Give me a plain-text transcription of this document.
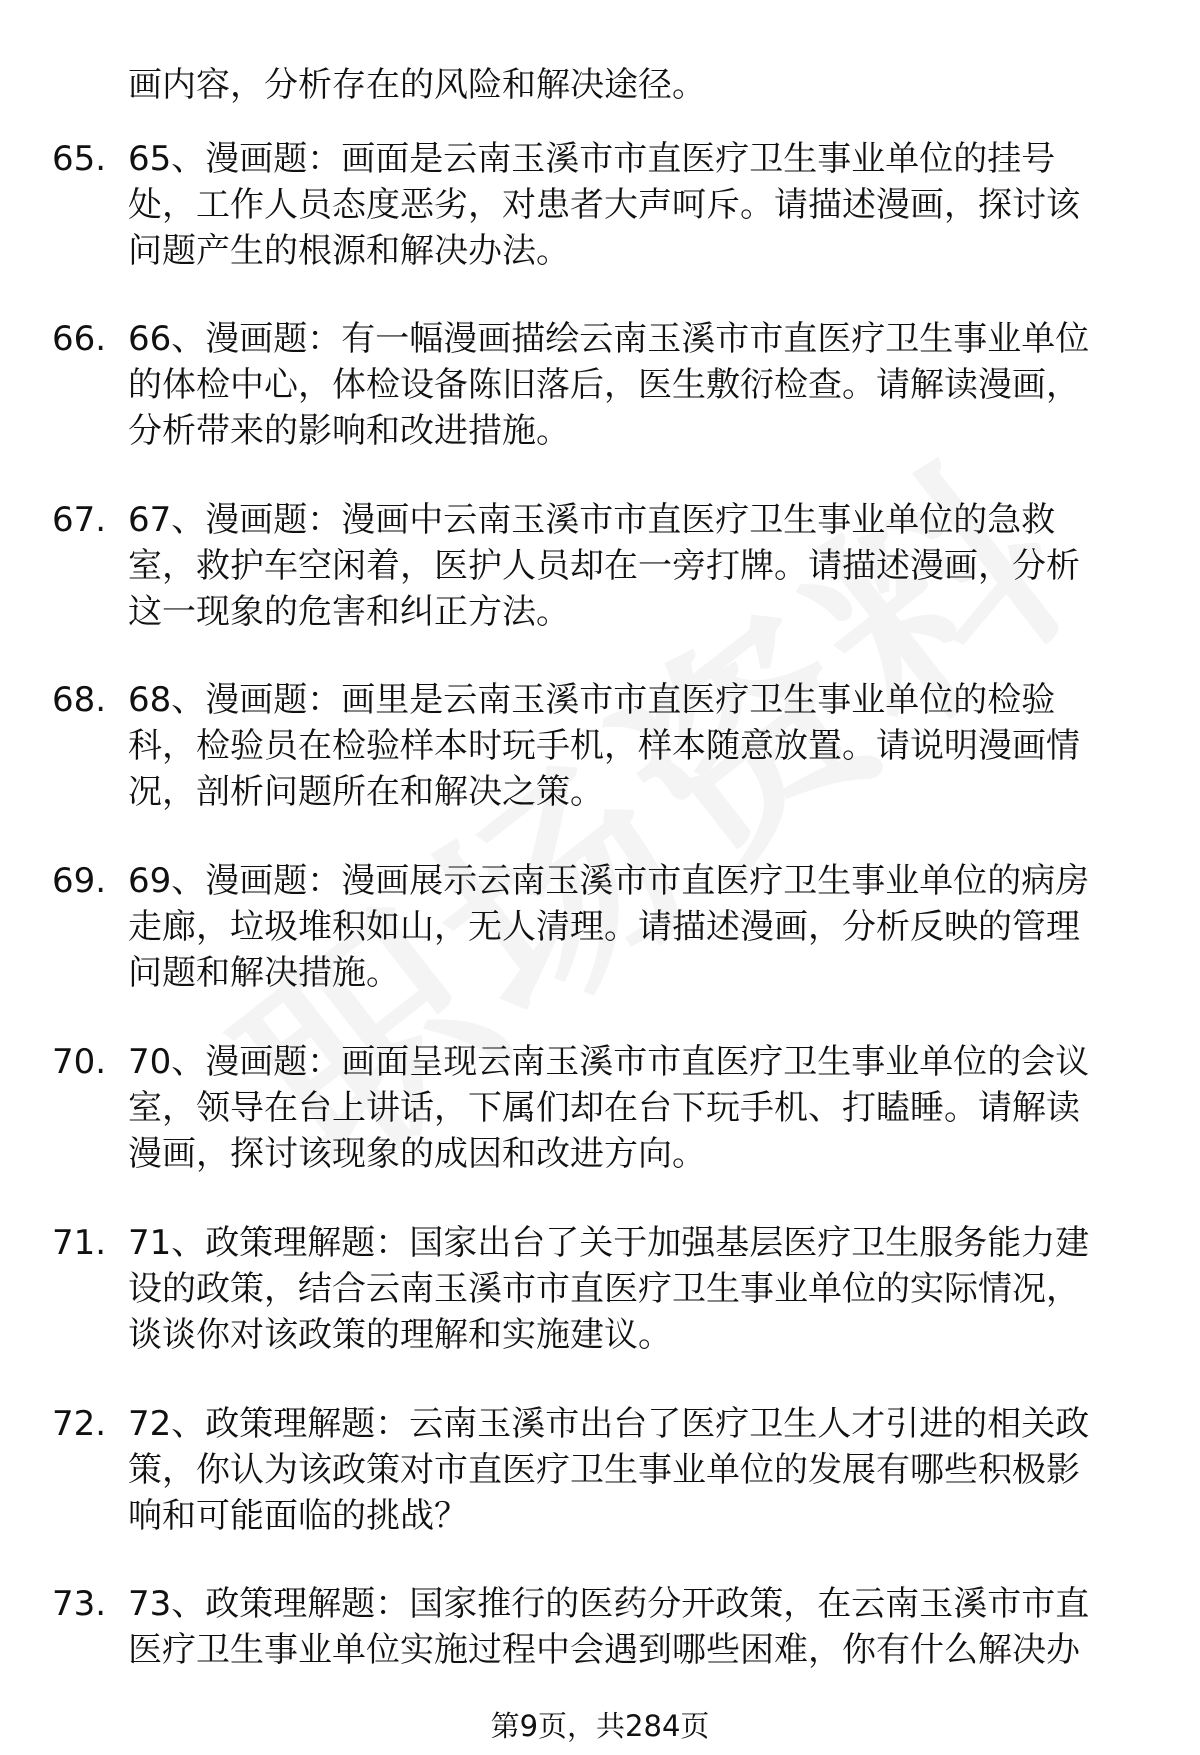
画内容，分析存在的风险和解决途径。
65. 65、漫画题：画面是云南玉溪市市直医疗卫生事业单位的挂号
处，工作人员态度恶劣，对患者大声呵斥。请描述漫画，探讨该
问题产生的根源和解决办法。
66. 66、漫画题：有一幅漫画描绘云南玉溪市市直医疗卫生事业单位
的体检中心，体检设备陈旧落后，医生敷衍检查。请解读漫画，
分析带来的影响和改进措施。
67. 67、漫画题：漫画中云南玉溪市市直医疗卫生事业单位的急救
室，救护车空闲着，医护人员却在一旁打牌。请描述漫画，分析
这一现象的危害和纠正方法。
68. 68、漫画题：画里是云南玉溪市市直医疗卫生事业单位的检验
科，检验员在检验样本时玩手机，样本随意放置。请说明漫画情
况，剖析问题所在和解决之策。
69. 69、漫画题：漫画展示云南玉溪市市直医疗卫生事业单位的病房
走廊，垃圾堆积如山，无人清理。请描述漫画，分析反映的管理
问题和解决措施。
70. 70、漫画题：画面呈现云南玉溪市市直医疗卫生事业单位的会议
室，领导在台上讲话，下属们却在台下玩手机、打瞌睡。请解读
漫画，探讨该现象的成因和改进方向。
71. 71、政策理解题：国家出台了关于加强基层医疗卫生服务能力建
设的政策，结合云南玉溪市市直医疗卫生事业单位的实际情况，
谈谈你对该政策的理解和实施建议。
72. 72、政策理解题：云南玉溪市出台了医疗卫生人才引进的相关政
策，你认为该政策对市直医疗卫生事业单位的发展有哪些积极影
响和可能面临的挑战？
73. 73、政策理解题：国家推行的医药分开政策，在云南玉溪市市直
医疗卫生事业单位实施过程中会遇到哪些困难，你有什么解决办
第9页，共284页
